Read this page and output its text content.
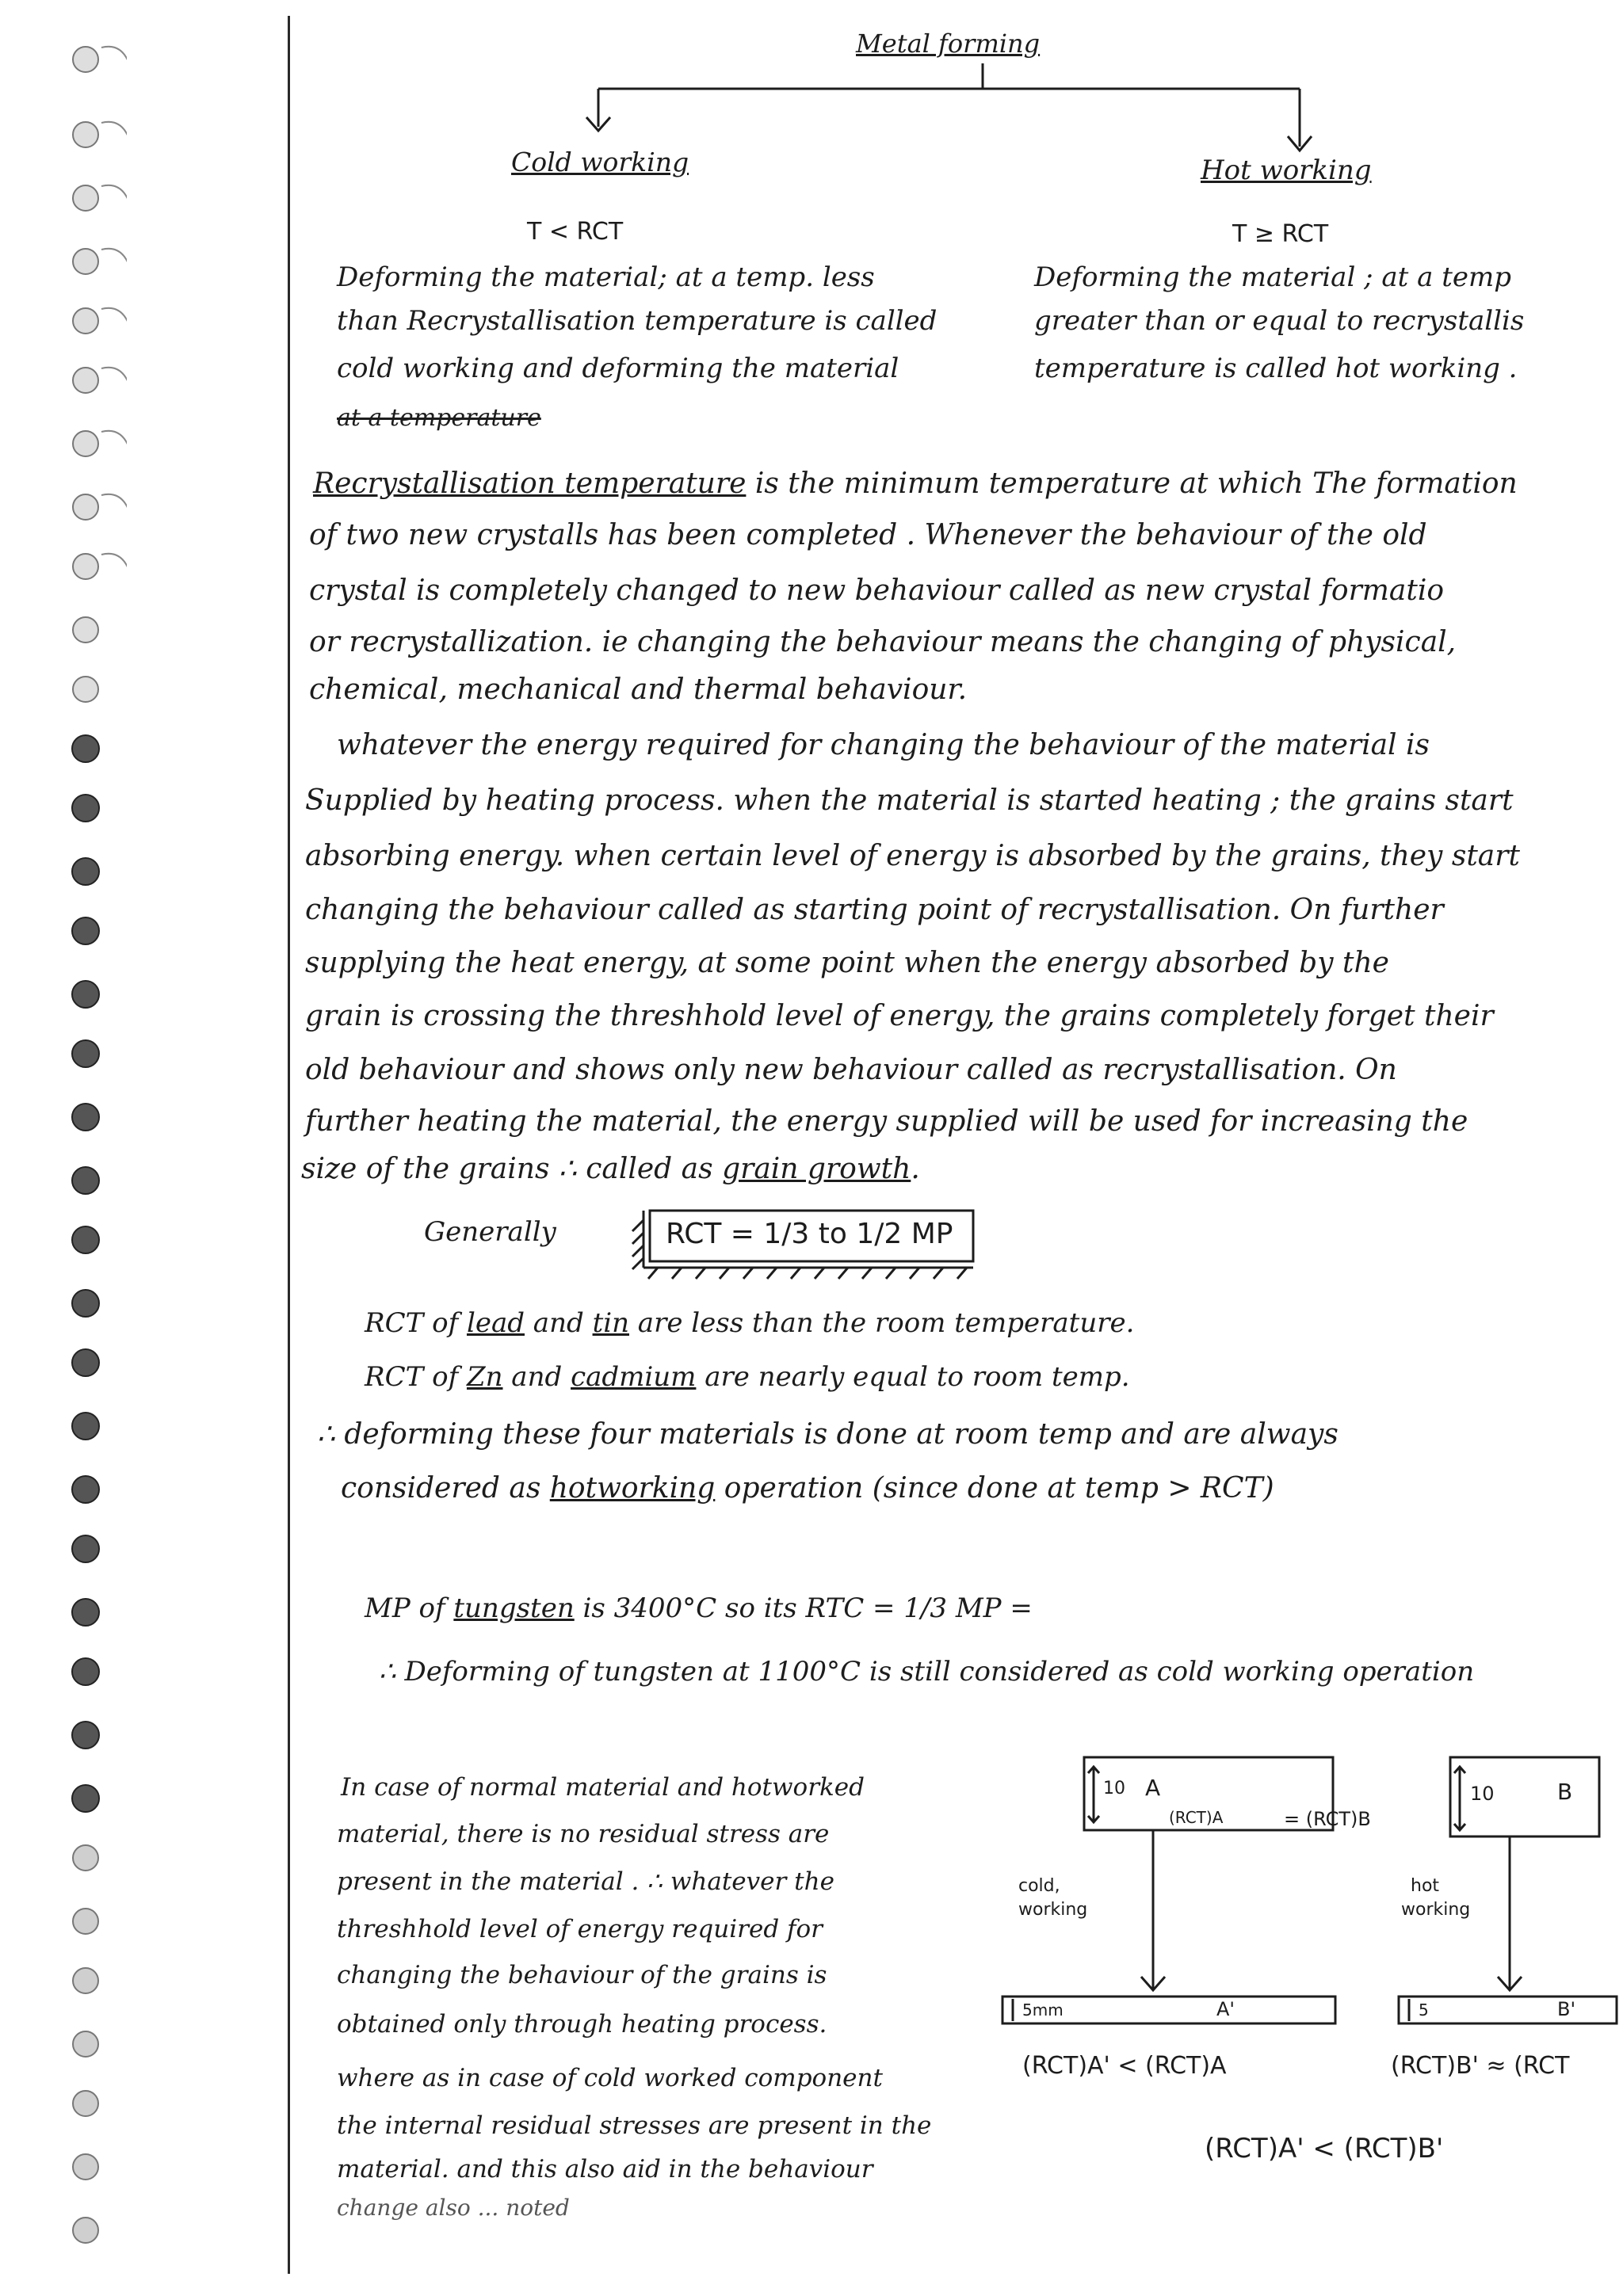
Metal forming
Cold working	Hot working
T < RCT	T ≥ RCT
Deforming the material; at a temp. less
than Recrystallisation temperature is called
cold working and deforming the material
at a temperature
Deforming the material ; at a temp
greater than or equal to recrystallis
temperature is called hot working .
Recrystallisation temperature is the minimum temperature at which The formation
of two new crystalls has been completed . Whenever the behaviour of the old
crystal is completely changed to new behaviour called as new crystal formatio
or recrystallization. ie changing the behaviour means the changing of physical,
chemical, mechanical and thermal behaviour.
whatever the energy required for changing the behaviour of the material is
Supplied by heating process. when the material is started heating ; the grains start
absorbing energy. when certain level of energy is absorbed by the grains, they start
changing the behaviour called as starting point of recrystallisation. On further
supplying the heat energy, at some point when the energy absorbed by the
grain is crossing the threshhold level of energy, the grains completely forget their
old behaviour and shows only new behaviour called as recrystallisation. On
further heating the material, the energy supplied will be used for increasing the
size of the grains ∴ called as grain growth.
Generally	RCT = 1/3 to 1/2 MP
RCT of lead and tin are less than the room temperature.
RCT of Zn and cadmium are nearly equal to room temp.
∴ deforming these four materials is done at room temp and are always
considered as hotworking operation (since done at temp > RCT)
MP of tungsten is 3400°C so its RTC = 1/3 MP =
∴ Deforming of tungsten at 1100°C is still considered as cold working operation
In case of normal material and hotworked
material, there is no residual stress are
present in the material . ∴ whatever the
threshhold level of energy required for
changing the behaviour of the grains is
obtained only through heating process.
where as in case of cold worked component
the internal residual stresses are present in the
material. and this also aid in the behaviour
change also ... noted
10 A
(RCT)A	= (RCT)B
10	B
cold,
working
hot
working
5mm	A'	5	B'
(RCT)A' < (RCT)A	(RCT)B' ≈ (RCT
(RCT)A' < (RCT)B'
